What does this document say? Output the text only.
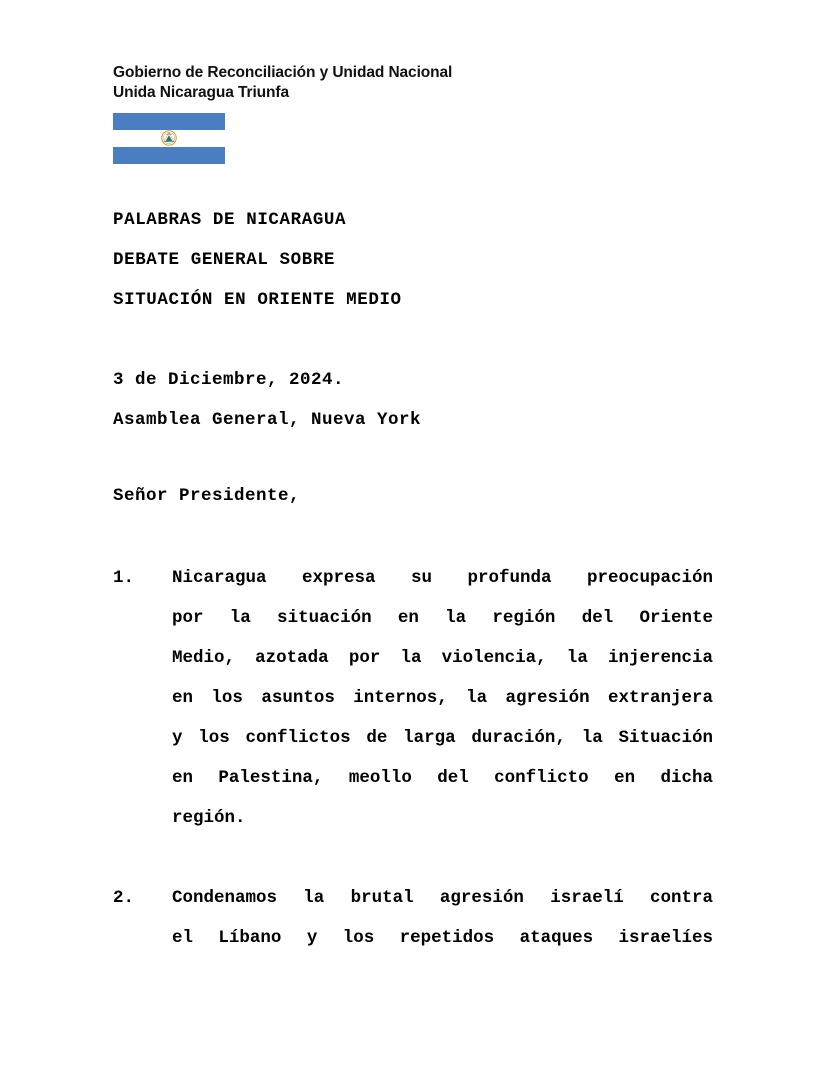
Gobierno de Reconciliación y Unidad Nacional
Unida Nicaragua Triunfa
PALABRAS DE NICARAGUA
DEBATE GENERAL SOBRE
SITUACIÓN EN ORIENTE MEDIO
3 de Diciembre, 2024.
Asamblea General, Nueva York
Señor Presidente,
1. Nicaragua expresa su profunda preocupación
por la situación en la región del Oriente
Medio, azotada por la violencia, la injerencia
en los asuntos internos, la agresión extranjera
y los conflictos de larga duración, la Situación
en Palestina, meollo del conflicto en dicha
región.
2. Condenamos la brutal agresión israelí contra
el Líbano y los repetidos ataques israelíes
